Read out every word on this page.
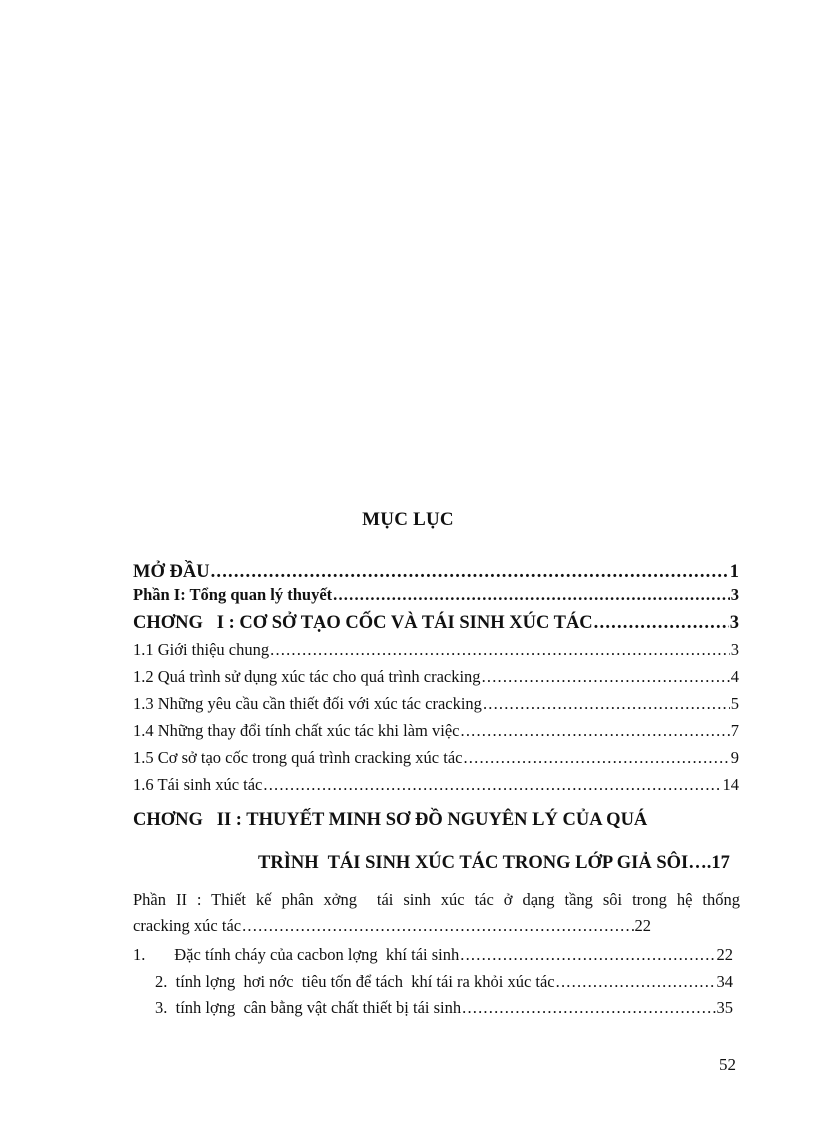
MỤC LỤC
MỞ ĐẦU .....	1
Phần I: Tổng quan lý thuyết .....	3
CHƠNG   I : CƠ SỞ TẠO CỐC VÀ TÁI SINH XÚC TÁC .....	3
1.1 Giới thiệu chung .....	3
1.2 Quá trình sử dụng xúc tác cho quá trình cracking .....	4
1.3 Những yêu cầu cần thiết đối với xúc tác cracking .....	5
1.4 Những thay đổi tính chất xúc tác khi làm việc .....	7
1.5 Cơ sở tạo cốc trong quá trình cracking xúc tác .....	9
1.6 Tái sinh xúc tác .....	14
CHƠNG   II : THUYẾT MINH SƠ ĐỒ NGUYÊN LÝ CỦA QUÁ
TRÌNH  TÁI SINH XÚC TÁC TRONG LỚP GIẢ SÔI….17
Phần II : Thiết kế phân xởng  tái sinh xúc tác ở dạng tầng sôi trong hệ thống
cracking xúc tác .....	22
1.       Đặc tính cháy của cacbon lợng  khí tái sinh .....	22
2.  tính lợng  hơi nớc  tiêu tốn để tách  khí tái ra khỏi xúc tác .....	34
3.  tính lợng  cân bằng vật chất thiết bị tái sinh .....	35
52
